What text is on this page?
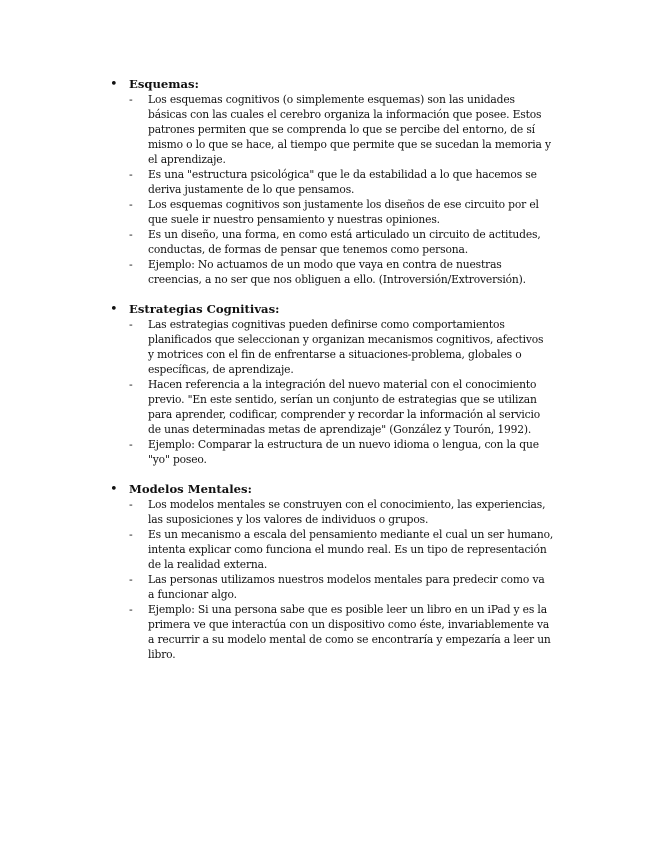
• Esquemas:
-	Los esquemas cognitivos (o simplemente esquemas) son las unidades
básicas con las cuales el cerebro organiza la información que posee. Estos
patrones permiten que se comprenda lo que se percibe del entorno, de sí
mismo o lo que se hace, al tiempo que permite que se sucedan la memoria y
el aprendizaje.
-	Es una "estructura psicológica" que le da estabilidad a lo que hacemos se
deriva justamente de lo que pensamos.
-	Los esquemas cognitivos son justamente los diseños de ese circuito por el
que suele ir nuestro pensamiento y nuestras opiniones.
-	Es un diseño, una forma, en como está articulado un circuito de actitudes,
conductas, de formas de pensar que tenemos como persona.
-	Ejemplo: No actuamos de un modo que vaya en contra de nuestras
creencias, a no ser que nos obliguen a ello. (Introversión/Extroversión).
• Estrategias Cognitivas:
-	Las estrategias cognitivas pueden definirse como comportamientos
planificados que seleccionan y organizan mecanismos cognitivos, afectivos
y motrices con el fin de enfrentarse a situaciones-problema, globales o
específicas, de aprendizaje.
-	Hacen referencia a la integración del nuevo material con el conocimiento
previo. "En este sentido, serían un conjunto de estrategias que se utilizan
para aprender, codificar, comprender y recordar la información al servicio
de unas determinadas metas de aprendizaje" (González y Tourón, 1992).
-	Ejemplo: Comparar la estructura de un nuevo idioma o lengua, con la que
"yo" poseo.
• Modelos Mentales:
-	Los modelos mentales se construyen con el conocimiento, las experiencias,
las suposiciones y los valores de individuos o grupos.
-	Es un mecanismo a escala del pensamiento mediante el cual un ser humano,
intenta explicar como funciona el mundo real. Es un tipo de representación
de la realidad externa.
-	Las personas utilizamos nuestros modelos mentales para predecir como va
a funcionar algo.
-	Ejemplo: Si una persona sabe que es posible leer un libro en un iPad y es la
primera ve que interactúa con un dispositivo como éste, invariablemente va
a recurrir a su modelo mental de como se encontraría y empezaría a leer un
libro.
